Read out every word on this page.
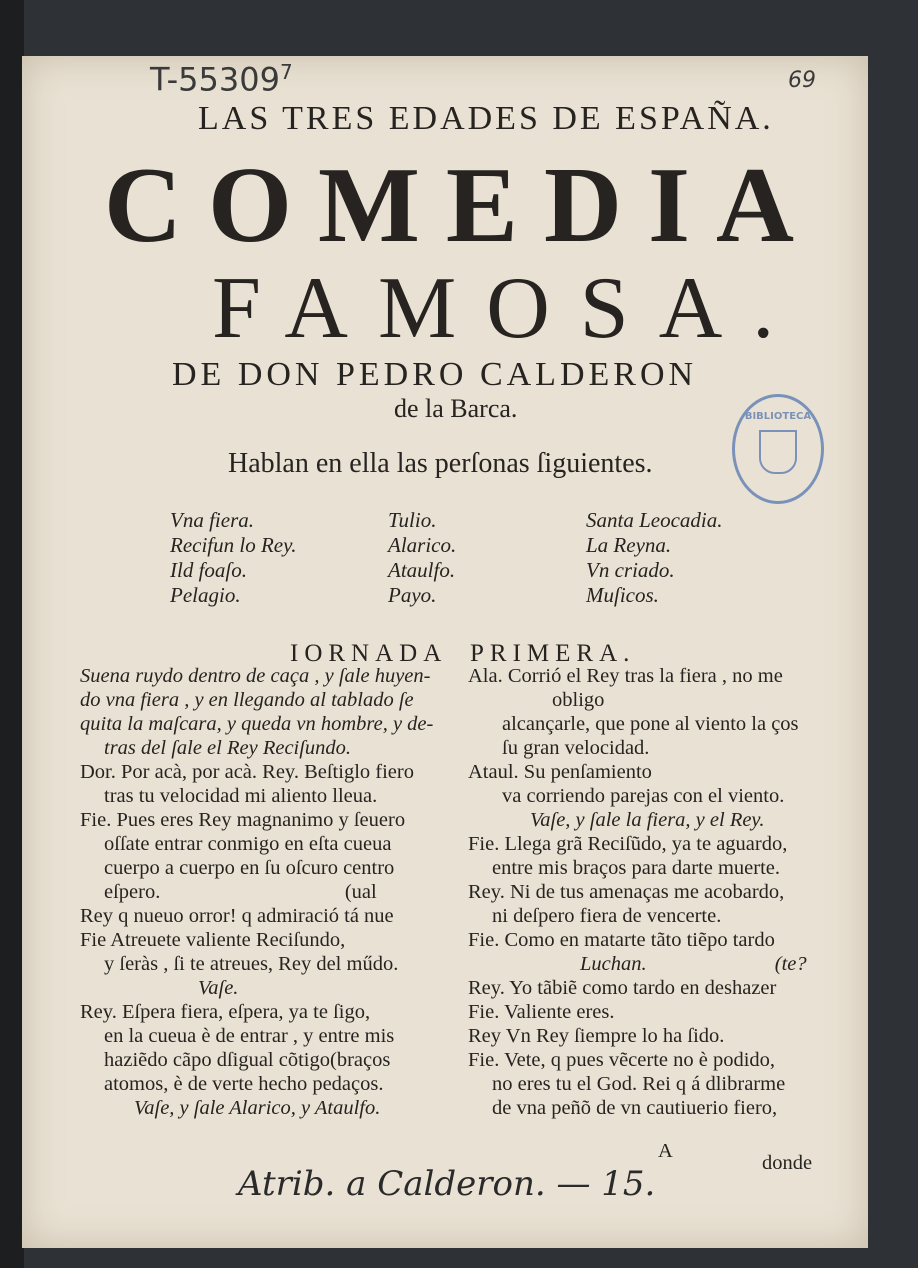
T-55309$^7$	69
LAS TRES EDADES DE ESPAÑA.
COMEDIA
FAMOSA.
DE DON PEDRO CALDERON
de la Barca.	BIBLIOTECA
Hablan en ella las perſonas ſiguientes.
Vna fiera.
Recifun lo Rey.
Ild foaſo.
Pelagio.
Tulio.
Alarico.
Ataulfo.
Payo.
Santa Leocadia.
La Reyna.
Vn criado.
Muſicos.
IORNADA PRIMERA.
Suena ruydo dentro de caça , y ſale huyen-
do vna fiera , y en llegando al tablado ſe
quita la maſcara, y queda vn hombre, y de-
tras del ſale el Rey Reciſundo.
Dor. Por acà, por acà. Rey. Beſtiglo fiero
tras tu velocidad mi aliento lleua.
Fie. Pues eres Rey magnanimo y ſeuero
oſſate entrar conmigo en eſta cueua
cuerpo a cuerpo en ſu oſcuro centro
eſpero.                                    (ual
Rey q nueuo orror! q admiració tá nue
Fie Atreuete valiente Reciſundo,
y ſeràs , ſi te atreues, Rey del műdo.
Vaſe.
Rey. Eſpera fiera, eſpera, ya te ſigo,
en la cueua è de entrar , y entre mis
haziẽdo cãpo dſigual cõtigo(braços
atomos, è de verte hecho pedaços.
Vaſe, y ſale Alarico, y Ataulfo.
Ala. Corrió el Rey tras la fiera , no me
obligo
alcançarle, que pone al viento la ços
ſu gran velocidad.
Ataul. Su penſamiento
va corriendo parejas con el viento.
Vaſe, y ſale la fiera, y el Rey.
Fie. Llega grã Reciſũdo, ya te aguardo,
entre mis braços para darte muerte.
Rey. Ni de tus amenaças me acobardo,
ni deſpero fiera de vencerte.
Fie. Como en matarte tãto tiẽpo tardo
Luchan.                         (te?
Rey. Yo tãbiẽ como tardo en deshazer
Fie. Valiente eres.
Rey Vn Rey ſiempre lo ha ſido.
Fie. Vete, q pues vẽcerte no è podido,
no eres tu el God. Rei q á dlibrarme
de vna peñõ de vn cautiuerio fiero,
A
donde
Atrib. a Calderon. — 15.
